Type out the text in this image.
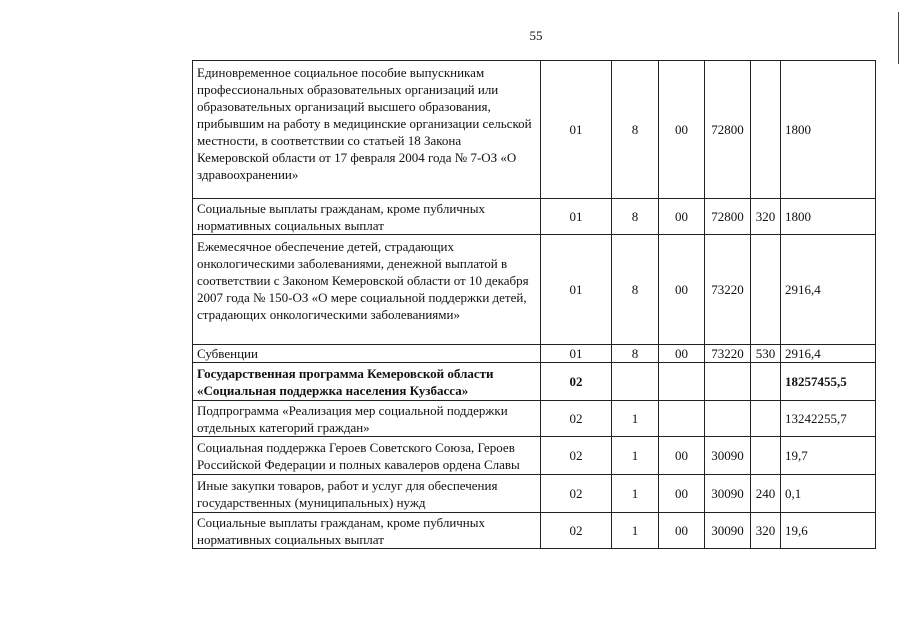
55
Единовременное социальное пособие выпускникам профессиональных образовательных организаций или образовательных организаций высшего образования, прибывшим на работу в медицинские организации сельской местности, в соответствии со статьей 18 Закона Кемеровской области от 17 февраля 2004 года № 7-ОЗ «О здравоохранении»	01	8	00	72800		1800
Социальные выплаты гражданам, кроме публичных нормативных социальных выплат	01	8	00	72800	320	1800
Ежемесячное обеспечение детей, страдающих онкологическими заболеваниями, денежной выплатой в соответствии с Законом Кемеровской области от 10 декабря 2007 года № 150-ОЗ «О мере социальной поддержки детей, страдающих онкологическими заболеваниями»	01	8	00	73220		2916,4
Субвенции	01	8	00	73220	530	2916,4
Государственная программа Кемеровской области «Социальная поддержка населения Кузбасса»	02					18257455,5
Подпрограмма «Реализация мер социальной поддержки отдельных категорий граждан»	02	1				13242255,7
Социальная поддержка Героев Советского Союза, Героев Российской Федерации и полных кавалеров ордена Славы	02	1	00	30090		19,7
Иные закупки товаров, работ и услуг для обеспечения государственных (муниципальных) нужд	02	1	00	30090	240	0,1
Социальные выплаты гражданам, кроме публичных нормативных социальных выплат	02	1	00	30090	320	19,6
